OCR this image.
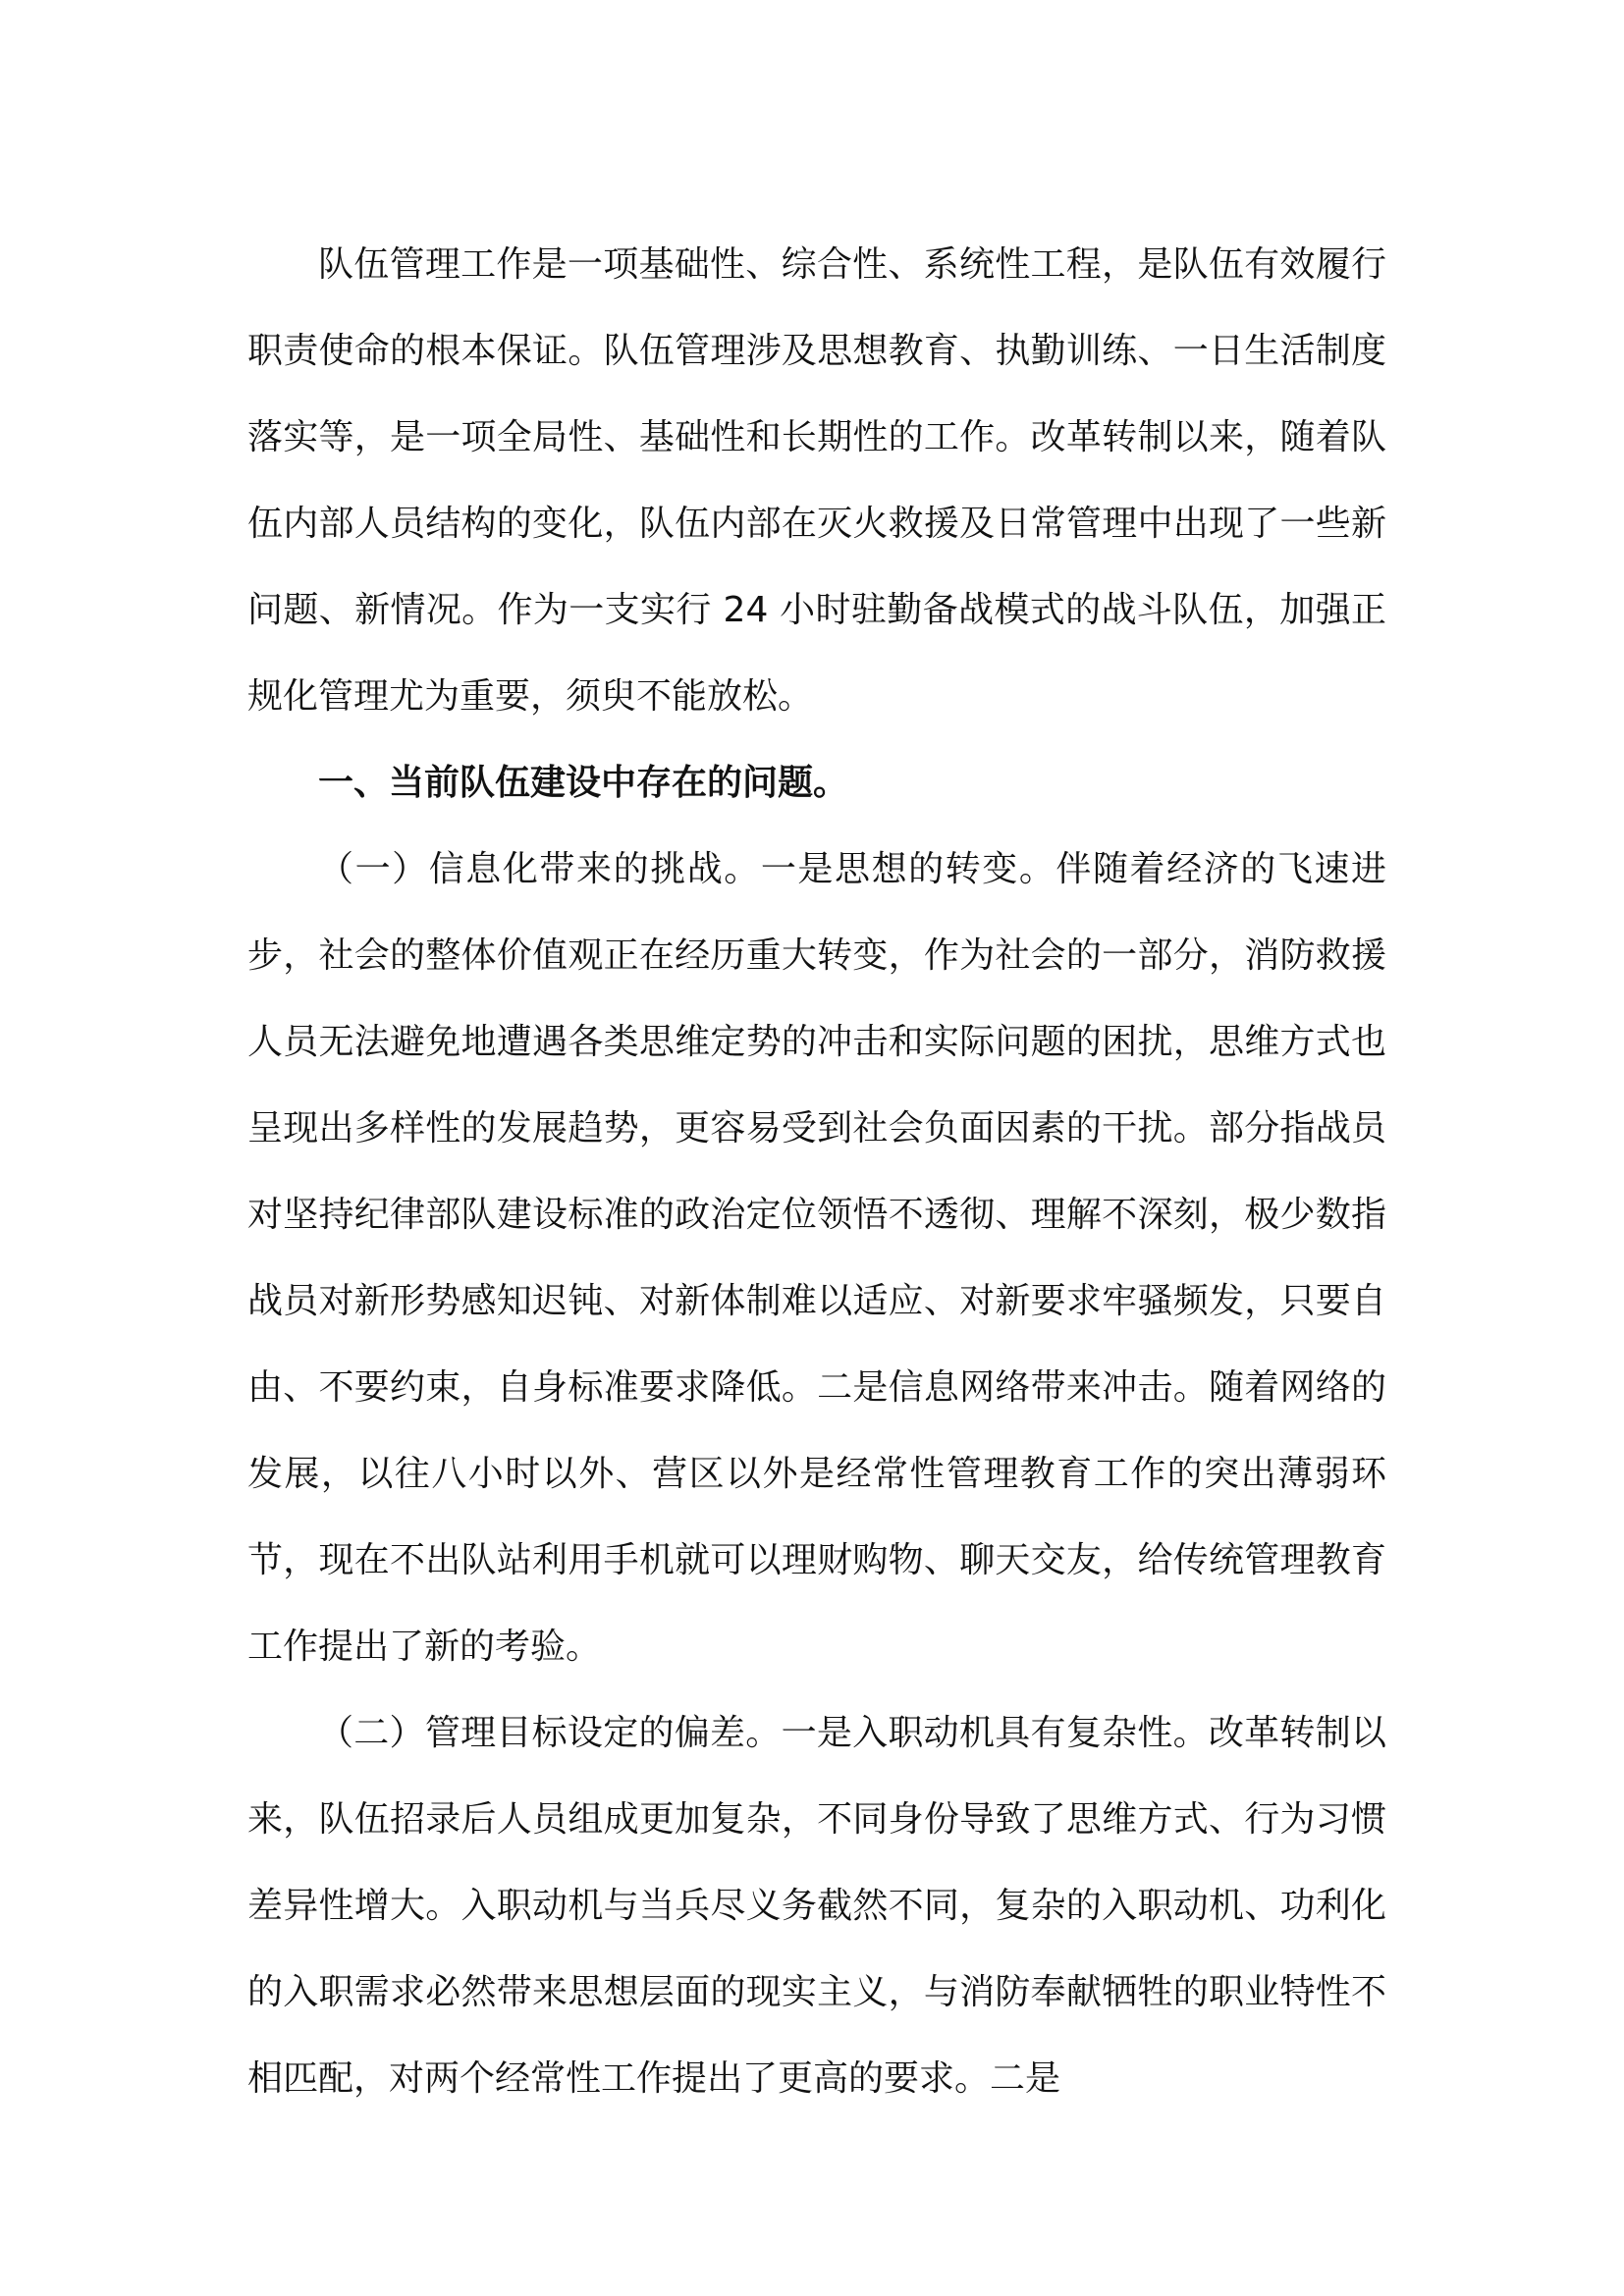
队伍管理工作是一项基础性、综合性、系统性工程，是队伍有效履行职责使命的根本保证。队伍管理涉及思想教育、执勤训练、一日生活制度落实等，是一项全局性、基础性和长期性的工作。改革转制以来，随着队伍内部人员结构的变化，队伍内部在灭火救援及日常管理中出现了一些新问题、新情况。作为一支实行 24 小时驻勤备战模式的战斗队伍，加强正规化管理尤为重要，须臾不能放松。

一、当前队伍建设中存在的问题。

（一）信息化带来的挑战。一是思想的转变。伴随着经济的飞速进步，社会的整体价值观正在经历重大转变，作为社会的一部分，消防救援人员无法避免地遭遇各类思维定势的冲击和实际问题的困扰，思维方式也呈现出多样性的发展趋势，更容易受到社会负面因素的干扰。部分指战员对坚持纪律部队建设标准的政治定位领悟不透彻、理解不深刻，极少数指战员对新形势感知迟钝、对新体制难以适应、对新要求牢骚频发，只要自由、不要约束，自身标准要求降低。二是信息网络带来冲击。随着网络的发展，以往八小时以外、营区以外是经常性管理教育工作的突出薄弱环节，现在不出队站利用手机就可以理财购物、聊天交友，给传统管理教育工作提出了新的考验。

（二）管理目标设定的偏差。一是入职动机具有复杂性。改革转制以来，队伍招录后人员组成更加复杂，不同身份导致了思维方式、行为习惯差异性增大。入职动机与当兵尽义务截然不同，复杂的入职动机、功利化的入职需求必然带来思想层面的现实主义，与消防奉献牺牲的职业特性不相匹配，对两个经常性工作提出了更高的要求。二是
